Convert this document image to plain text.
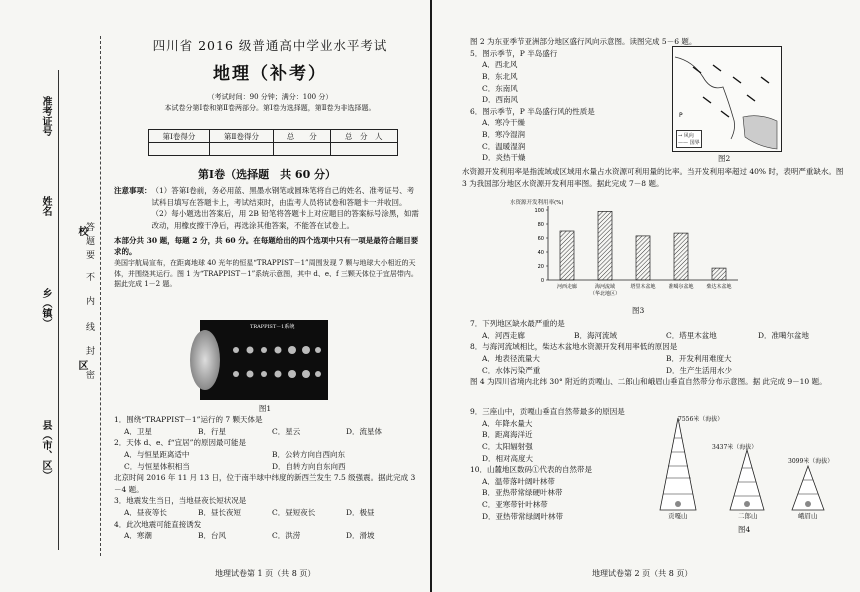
准考证号
校
姓名
乡（镇）
区
县（市、区）
答
题
要
不
内
线
封
密
四川省 2016 级普通高中学业水平考试
地理（补考）
（考试时间：90 分钟；满分：100 分）
本试卷分第Ⅰ卷和第Ⅱ卷两部分。第Ⅰ卷为选择题，第Ⅱ卷为非选择题。
第Ⅰ卷得分	第Ⅱ卷得分	总　　分	总　分　人

第Ⅰ卷（选择题　共 60 分）
注意事项： （1）答第Ⅰ卷前，务必用蓝、黑墨水钢笔或圆珠笔将自己的姓名、准考证号、考试科目填写在答题卡上，考试结束时，由监考人员将试卷和答题卡一并收回。

（2）每小题选出答案后，用 2B 铅笔将答题卡上对应题目的答案标号涂黑，如需改动，用橡皮擦干净后，再选涂其他答案，不能答在试卷上。

本部分共 30 题，每题 2 分，共 60 分。在每题给出的四个选项中只有一项是最符合题目要求的。

美国宇航局宣布，在距离地球 40 光年的恒星“TRAPPIST－1”周围发现 7 颗与地球大小相近的天体，并围绕其运行。图 1 为“TRAPPIST－1”系统示意图，其中 d、e、f 三颗天体位于宜居带内。据此完成 1－2 题。

TRAPPIST－1系统
图1

1．围绕“TRAPPIST－1”运行的 7 颗天体是

A．卫星	B．行星	C．星云	D．流星体

2．天体 d、e、f“宜居”的原因最可能是

A．与恒星距离适中	B．公转方向自西向东
C．与恒星体积相当	D．自转方向自东向西

北京时间 2016 年 11 月 13 日，位于南半球中纬度的新西兰发生 7.5 级强震。据此完成 3－4 题。

3．地震发生当日，当地昼夜长短状况是

A．昼夜等长	B．昼长夜短	C．昼短夜长	D．极昼

4．此次地震可能直接诱发

A．寒潮	B．台风	C．洪涝	D．滑坡
地理试卷第 1 页（共 8 页）

图 2 为东亚季节亚洲部分地区盛行风向示意图。读图完成 5－6 题。

5．图示季节，P 半岛盛行

A．西北风
B．东北风
C．东南风
D．西南风

6．图示季节，P 半岛盛行风的性质是

A．寒冷干燥
B．寒冷湿润
C．温暖湿润
D．炎热干燥
P
→ 风向
—— 国界
图2
水资源开发利用率是指流域或区域用水量占水资源可利用量的比率。当开发利用率超过 40% 时，表明严重缺水。图 3 为我国部分地区水资源开发利用率图。据此完成 7－8 题。
水资源开发利用率(%)
0
20
40
60
80
100
河西走廊	海河流域
（华北地区）
塔里木盆地	准噶尔盆地	柴达木盆地
图3

7．下列地区缺水最严重的是

A．河西走廊	B．海河流域	C．塔里木盆地	D．准噶尔盆地

8．与海河流域相比，柴达木盆地水资源开发利用率低的原因是

A．地表径流量大	B．开发利用难度大
C．水体污染严重	D．生产生活用水少

图 4 为四川省境内北纬 30° 附近的贡嘎山、二郎山和峨眉山垂直自然带分布示意图。据 此完成 9－10 题。

9．三座山中，贡嘎山垂直自然带最多的原因是

A．年降水量大
B．距离海洋近
C．太阳辐射强
D．相对高度大

10．山麓地区数码①代表的自然带是

A．温带落叶阔叶林带
B．亚热带常绿硬叶林带
C．亚寒带针叶林带
D．亚热带常绿阔叶林带
7556米（海拔）
3437米（海拔）
3099米（海拔）
贡嘎山	二郎山	峨眉山
图4
地理试卷第 2 页（共 8 页）
